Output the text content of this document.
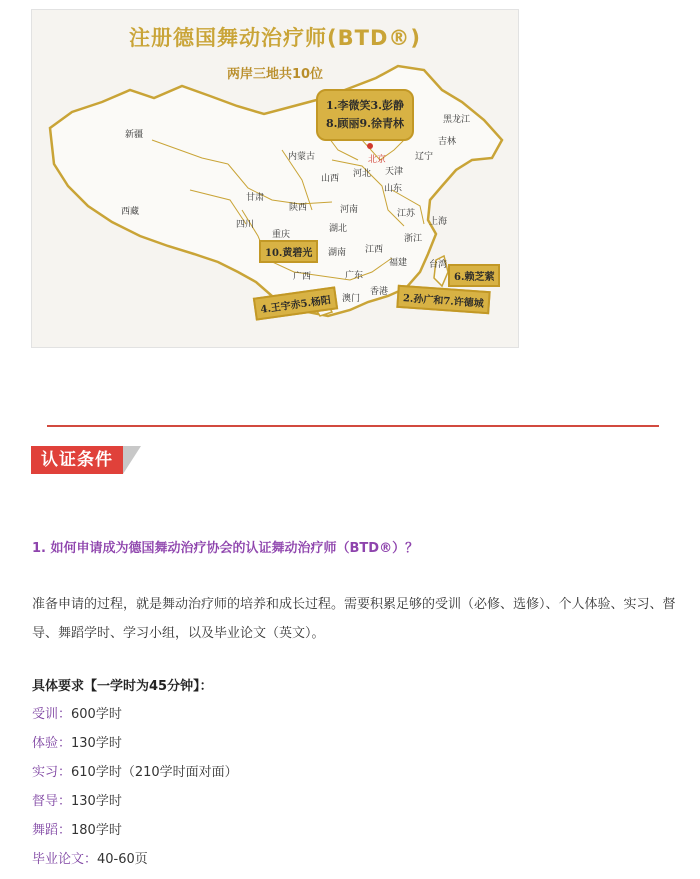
注册德国舞动治疗师(BTD®)
两岸三地共10位
新疆
西藏
内蒙古
黑龙江
吉林
辽宁
北京
天津
河北
山西
山东
甘肃
陕西	河南	江苏
上海
四川
重庆
湖北
浙江
湖南 江西
福建 台湾
广西	广东
澳门
香港
1.李微笑3.彭静
8.顾丽9.徐青林
10.黄碧光
6.赖芝萦
4.王宇赤5.杨阳	2.孙广和7.许德城
认证条件
1. 如何申请成为德国舞动治疗协会的认证舞动治疗师（BTD®）？
准备申请的过程，就是舞动治疗师的培养和成长过程。需要积累足够的受训（必修、选修）、个人体验、实习、督导、舞蹈学时、学习小组，以及毕业论文（英文）。
具体要求【一学时为45分钟】：
受训：600学时
体验：130学时
实习：610学时（210学时面对面）
督导：130学时
舞蹈：180学时
毕业论文：40-60页
